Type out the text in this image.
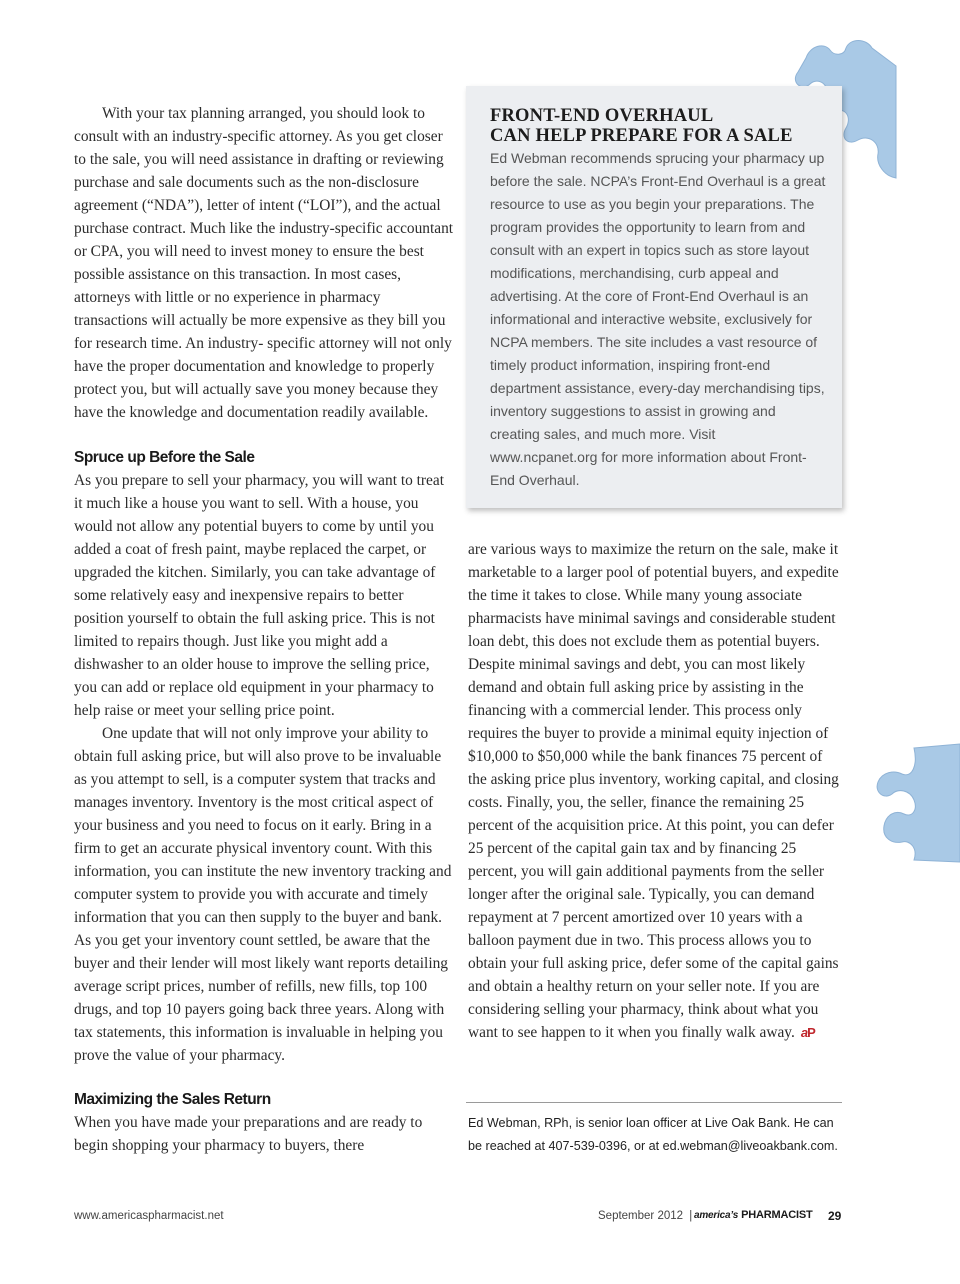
With your tax planning arranged, you should look to consult with an industry-specific attorney. As you get closer to the sale, you will need assistance in drafting or reviewing purchase and sale documents such as the non-disclosure agreement (“NDA”), letter of intent (“LOI”), and the actual purchase contract. Much like the industry-specific accountant or CPA, you will need to invest money to ensure the best possible assistance on this transaction. In most cases, attorneys with little or no experience in pharmacy transactions will actually be more expensive as they bill you for research time. An industry- specific attorney will not only have the proper documentation and knowledge to properly protect you, but will actually save you money because they have the knowledge and documentation readily available.

Spruce up Before the Sale

As you prepare to sell your pharmacy, you will want to treat it much like a house you want to sell. With a house, you would not allow any potential buyers to come by until you added a coat of fresh paint, maybe replaced the carpet, or upgraded the kitchen. Similarly, you can take advantage of some relatively easy and inexpensive repairs to better position yourself to obtain the full asking price. This is not limited to repairs though. Just like you might add a dishwasher to an older house to improve the selling price, you can add or replace old equipment in your pharmacy to help raise or meet your selling price point.

One update that will not only improve your ability to obtain full asking price, but will also prove to be invaluable as you attempt to sell, is a computer system that tracks and manages inventory. Inventory is the most critical aspect of your business and you need to focus on it early. Bring in a firm to get an accurate physical inventory count. With this information, you can institute the new inventory tracking and computer system to provide you with accurate and timely information that you can then supply to the buyer and bank. As you get your inventory count settled, be aware that the buyer and their lender will most likely want reports detailing average script prices, number of refills, new fills, top 100 drugs, and top 10 payers going back three years. Along with tax statements, this information is invaluable in helping you prove the value of your pharmacy.

Maximizing the Sales Return

When you have made your preparations and are ready to begin shopping your pharmacy to buyers, there

FRONT-END OVERHAUL
CAN HELP PREPARE FOR A SALE

Ed Webman recommends sprucing your pharmacy up before the sale. NCPA’s Front-End Overhaul is a great resource to use as you begin your preparations. The program provides the opportunity to learn from and consult with an expert in topics such as store layout modifications, merchandising, curb appeal and advertising. At the core of Front-End Overhaul is an informational and interactive website, exclusively for NCPA members. The site includes a vast resource of timely product information, inspiring front-end department assistance, every-day merchandising tips, inventory suggestions to assist in growing and creating sales, and much more. Visit www.ncpanet.org for more information about Front-End Overhaul.

are various ways to maximize the return on the sale, make it marketable to a larger pool of potential buyers, and expedite the time it takes to close. While many young associate pharmacists have minimal savings and considerable student loan debt, this does not exclude them as potential buyers. Despite minimal savings and debt, you can most likely demand and obtain full asking price by assisting in the financing with a commercial lender. This process only requires the buyer to provide a minimal equity injection of $10,000 to $50,000 while the bank finances 75 percent of the asking price plus inventory, working capital, and closing costs. Finally, you, the seller, finance the remaining 25 percent of the acquisition price. At this point, you can defer 25 percent of the capital gain tax and by financing 25 percent, you will gain additional payments from the seller longer after the original sale. Typically, you can demand repayment at 7 percent amortized over 10 years with a balloon payment due in two. This process allows you to obtain your full asking price, defer some of the capital gains and obtain a healthy return on your seller note. If you are considering selling your pharmacy, think about what you want to see happen to it when you finally walk away. aP

Ed Webman, RPh, is senior loan officer at Live Oak Bank. He can be reached at 407-539-0396, or at ed.webman@liveoakbank.com.

www.americaspharmacist.net	September 2012 | america’s PHARMACIST 29
